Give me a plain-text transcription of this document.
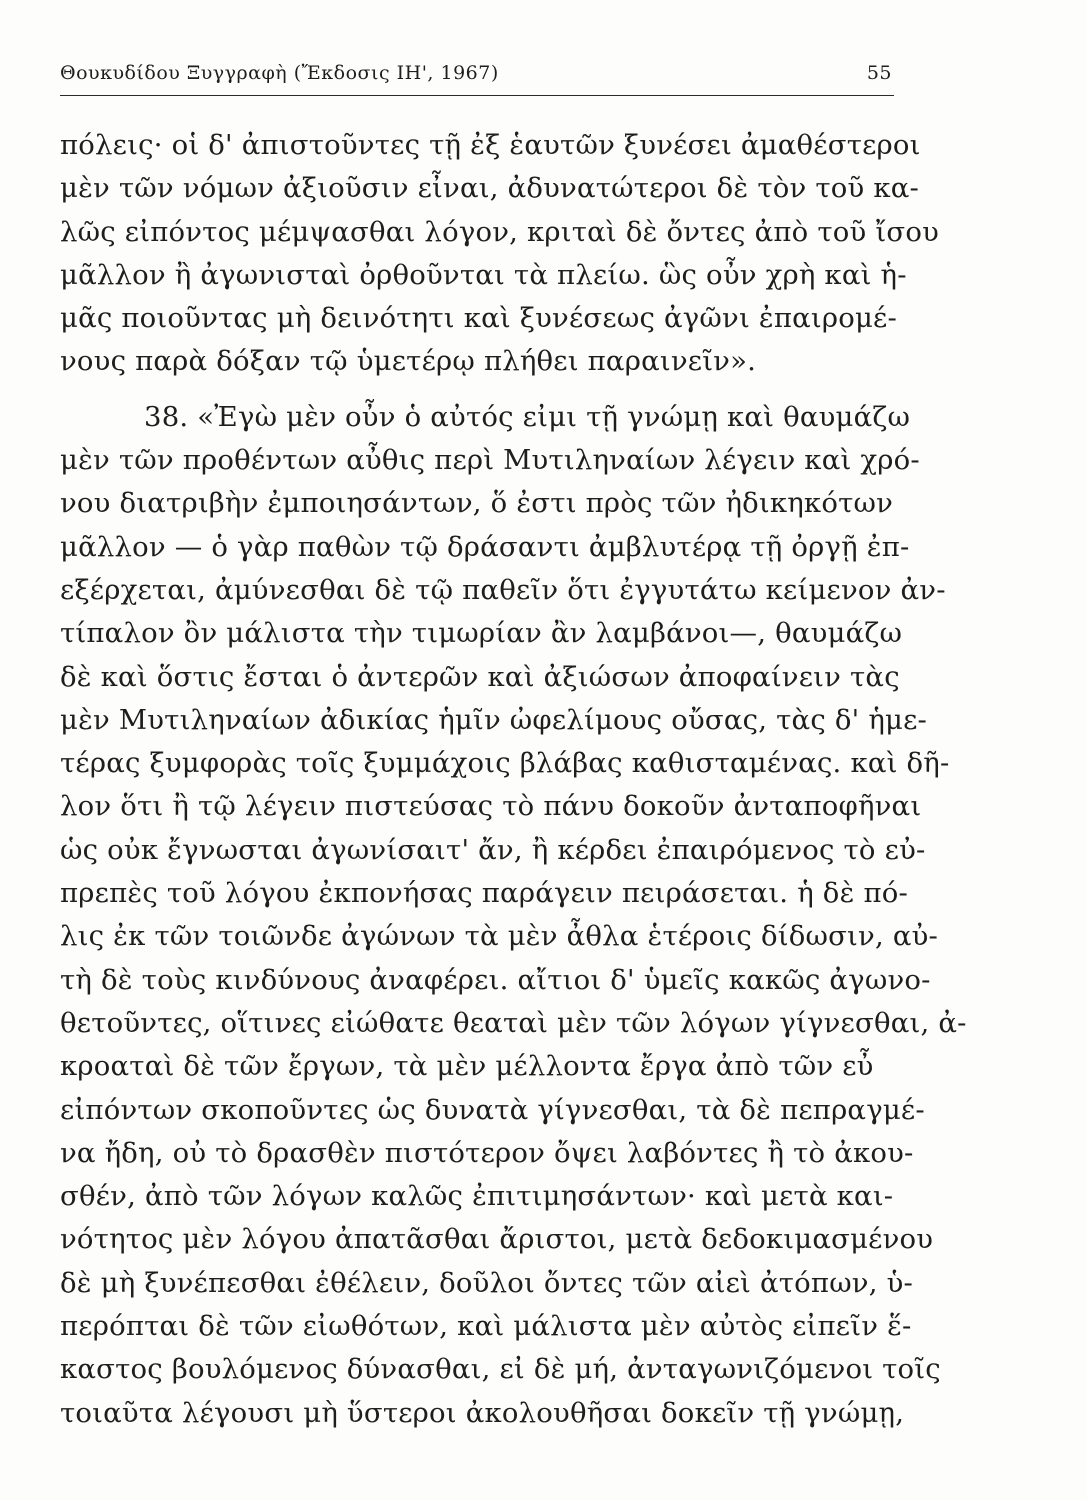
Θουκυδίδου Ξυγγραφὴ (Ἔκδοσις ΙΗ', 1967)	55
πόλεις· οἱ δ' ἀπιστοῦντες τῇ ἐξ ἑαυτῶν ξυνέσει ἀμαθέστεροι
μὲν τῶν νόμων ἀξιοῦσιν εἶναι, ἀδυνατώτεροι δὲ τὸν τοῦ κα-
λῶς εἰπόντος μέμψασθαι λόγον, κριταὶ δὲ ὄντες ἀπὸ τοῦ ἴσου
μᾶλλον ἢ ἀγωνισταὶ ὀρθοῦνται τὰ πλείω. ὣς οὖν χρὴ καὶ ἡ-
μᾶς ποιοῦντας μὴ δεινότητι καὶ ξυνέσεως ἀγῶνι ἐπαιρομέ-
νους παρὰ δόξαν τῷ ὑμετέρῳ πλήθει παραινεῖν».
38. «Ἐγὼ μὲν οὖν ὁ αὐτός εἰμι τῇ γνώμῃ καὶ θαυμάζω
μὲν τῶν προθέντων αὖθις περὶ Μυτιληναίων λέγειν καὶ χρό-
νου διατριβὴν ἐμποιησάντων, ὅ ἐστι πρὸς τῶν ἠδικηκότων
μᾶλλον — ὁ γὰρ παθὼν τῷ δράσαντι ἀμβλυτέρᾳ τῇ ὀργῇ ἐπ-
εξέρχεται, ἀμύνεσθαι δὲ τῷ παθεῖν ὅτι ἐγγυτάτω κείμενον ἀν-
τίπαλον ὂν μάλιστα τὴν τιμωρίαν ἂν λαμβάνοι—, θαυμάζω
δὲ καὶ ὅστις ἔσται ὁ ἀντερῶν καὶ ἀξιώσων ἀποφαίνειν τὰς
μὲν Μυτιληναίων ἀδικίας ἡμῖν ὠφελίμους οὔσας, τὰς δ' ἡμε-
τέρας ξυμφορὰς τοῖς ξυμμάχοις βλάβας καθισταμένας. καὶ δῆ-
λον ὅτι ἢ τῷ λέγειν πιστεύσας τὸ πάνυ δοκοῦν ἀνταποφῆναι
ὡς οὐκ ἔγνωσται ἀγωνίσαιτ' ἄν, ἢ κέρδει ἐπαιρόμενος τὸ εὐ-
πρεπὲς τοῦ λόγου ἐκπονήσας παράγειν πειράσεται. ἡ δὲ πό-
λις ἐκ τῶν τοιῶνδε ἀγώνων τὰ μὲν ἆθλα ἑτέροις δίδωσιν, αὐ-
τὴ δὲ τοὺς κινδύνους ἀναφέρει. αἴτιοι δ' ὑμεῖς κακῶς ἀγωνο-
θετοῦντες, οἵτινες εἰώθατε θεαταὶ μὲν τῶν λόγων γίγνεσθαι, ἀ-
κροαταὶ δὲ τῶν ἔργων, τὰ μὲν μέλλοντα ἔργα ἀπὸ τῶν εὖ
εἰπόντων σκοποῦντες ὡς δυνατὰ γίγνεσθαι, τὰ δὲ πεπραγμέ-
να ἤδη, οὐ τὸ δρασθὲν πιστότερον ὄψει λαβόντες ἢ τὸ ἀκου-
σθέν, ἀπὸ τῶν λόγων καλῶς ἐπιτιμησάντων· καὶ μετὰ και-
νότητος μὲν λόγου ἀπατᾶσθαι ἄριστοι, μετὰ δεδοκιμασμένου
δὲ μὴ ξυνέπεσθαι ἐθέλειν, δοῦλοι ὄντες τῶν αἰεὶ ἀτόπων, ὑ-
περόπται δὲ τῶν εἰωθότων, καὶ μάλιστα μὲν αὐτὸς εἰπεῖν ἕ-
καστος βουλόμενος δύνασθαι, εἰ δὲ μή, ἀνταγωνιζόμενοι τοῖς
τοιαῦτα λέγουσι μὴ ὕστεροι ἀκολουθῆσαι δοκεῖν τῇ γνώμῃ,
